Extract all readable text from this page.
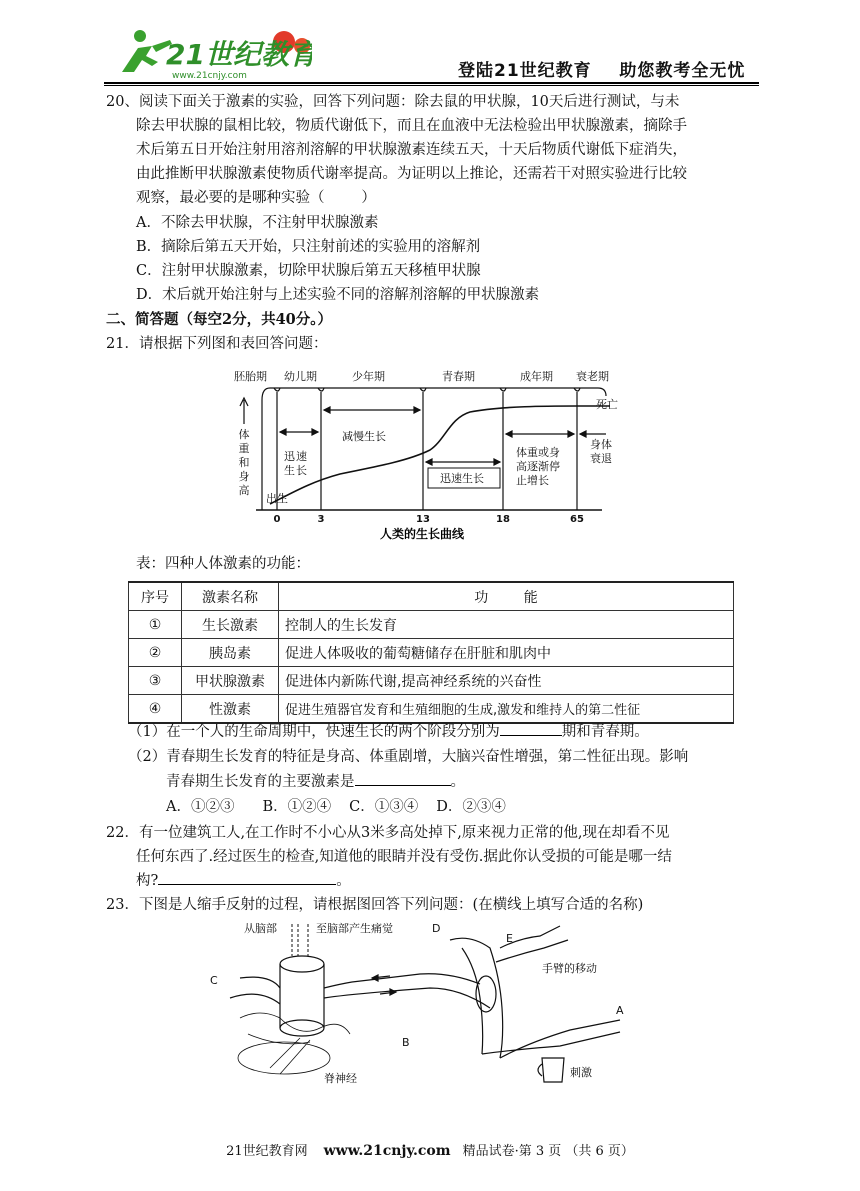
21世纪教育
www.21cnjy.com	登陆21世纪教育    助您教考全无忧
20、阅读下面关于激素的实验，回答下列问题：除去鼠的甲状腺，10天后进行测试，与未
除去甲状腺的鼠相比较，物质代谢低下，而且在血液中无法检验出甲状腺激素，摘除手
术后第五日开始注射用溶剂溶解的甲状腺激素连续五天，十天后物质代谢低下症消失，
由此推断甲状腺激素使物质代谢率提高。为证明以上推论，还需若干对照实验进行比较
观察，最必要的是哪种实验（        ）
A．不除去甲状腺，不注射甲状腺激素
B．摘除后第五天开始，只注射前述的实验用的溶解剂
C．注射甲状腺激素，切除甲状腺后第五天移植甲状腺
D．术后就开始注射与上述实验不同的溶解剂溶解的甲状腺激素
二、简答题（每空2分，共40分。）
21．请根据下列图和表回答问题：
胚胎期 幼儿期	少年期	青春期	成年期 衰老期
体
重
和
身
高
出生
迅 速
生 长
减慢生长
迅速生长
体重或身
高逐渐停
止增长
身体
衰退
死亡
0	3	13	18	65
人类的生长曲线
表：四种人体激素的功能：
序号	激素名称	功        能
①	生长激素	控制人的生长发育
②	胰岛素	促进人体吸收的葡萄糖储存在肝脏和肌肉中
③	甲状腺激素	促进体内新陈代谢,提高神经系统的兴奋性
④	性激素	促进生殖器官发育和生殖细胞的生成,激发和维持人的第二性征
（1）在一个人的生命周期中，快速生长的两个阶段分别为	期和青春期。
（2）青春期生长发育的特征是身高、体重剧增，大脑兴奋性增强，第二性征出现。影响
青春期生长发育的主要激素是	。
A．①②③ B．①②④ C．①③④ D．②③④
22．有一位建筑工人,在工作时不小心从3米多高处掉下,原来视力正常的他,现在却看不见
任何东西了.经过医生的检查,知道他的眼睛并没有受伤.据此你认受损的可能是哪一结
构?	。
23．下图是人缩手反射的过程，请根据图回答下列问题：(在横线上填写合适的名称)
从脑部	至脑部产生痛觉
C
D
E
B
A
手臂的移动
脊神经	刺激
21世纪教育网 www.21cnjy.com 精品试卷·第 3 页 （共 6 页）
